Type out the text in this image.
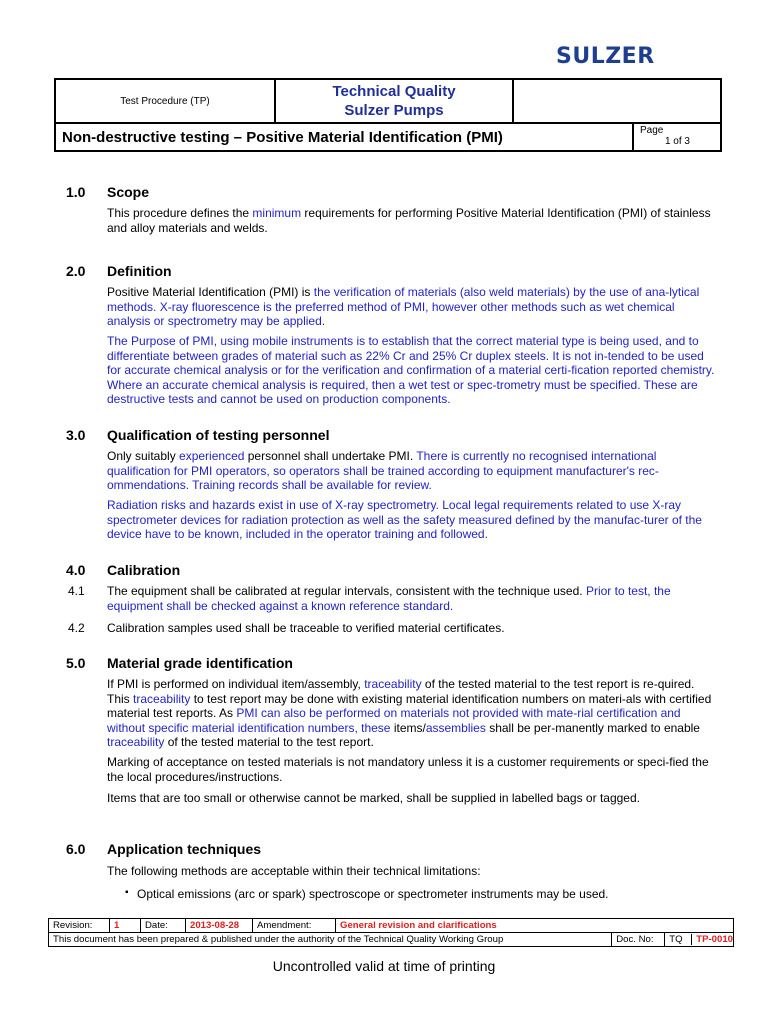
SULZER
Test Procedure (TP)	Technical Quality
Sulzer Pumps		

Non-destructive testing – Positive Material Identification (PMI)			Page
1 of 3
1.0 Scope
This procedure defines the minimum requirements for performing Positive Material Identification (PMI) of stainless and alloy materials and welds.
2.0 Definition
Positive Material Identification (PMI) is the verification of materials (also weld materials) by the use of ana-lytical methods. X-ray fluorescence is the preferred method of PMI, however other methods such as wet chemical analysis or spectrometry may be applied.
The Purpose of PMI, using mobile instruments is to establish that the correct material type is being used, and to differentiate between grades of material such as 22% Cr and 25% Cr duplex steels. It is not in-tended to be used for accurate chemical analysis or for the verification and confirmation of a material certi-fication reported chemistry. Where an accurate chemical analysis is required, then a wet test or spec-trometry must be specified. These are destructive tests and cannot be used on production components.
3.0 Qualification of testing personnel
Only suitably experienced personnel shall undertake PMI. There is currently no recognised international qualification for PMI operators, so operators shall be trained according to equipment manufacturer's rec-ommendations. Training records shall be available for review.
Radiation risks and hazards exist in use of X-ray spectrometry. Local legal requirements related to use X-ray spectrometer devices for radiation protection as well as the safety measured defined by the manufac-turer of the device have to be known, included in the operator training and followed.
4.0 Calibration
4.1 The equipment shall be calibrated at regular intervals, consistent with the technique used. Prior to test, the equipment shall be checked against a known reference standard.
4.2 Calibration samples used shall be traceable to verified material certificates.
5.0 Material grade identification
If PMI is performed on individual item/assembly, traceability of the tested material to the test report is re-quired. This traceability to test report may be done with existing material identification numbers on materi-als with certified material test reports. As PMI can also be performed on materials not provided with mate-rial certification and without specific material identification numbers, these items/assemblies shall be per-manently marked to enable traceability of the tested material to the test report.
Marking of acceptance on tested materials is not mandatory unless it is a customer requirements or speci-fied the the local procedures/instructions.
Items that are too small or otherwise cannot be marked, shall be supplied in labelled bags or tagged.
6.0 Application techniques
The following methods are acceptable within their technical limitations:
▪ Optical emissions (arc or spark) spectroscope or spectrometer instruments may be used.
Revision:	1	Date:	2013-08-28	Amendment:	General revision and clarifications		
This document has been prepared & published under the authority of the Technical Quality Working Group						Doc. No:	TQ TP-0010
Uncontrolled valid at time of printing
